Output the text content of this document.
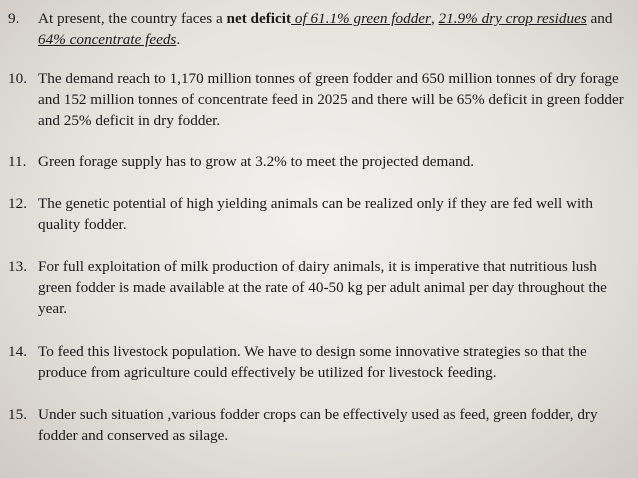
9. At present, the country faces a net deficit of 61.1% green fodder, 21.9% dry crop residues and 64% concentrate feeds.
10. The demand reach to 1,170 million tonnes of green fodder and 650 million tonnes of dry forage and 152 million tonnes of concentrate feed in 2025 and there will be 65% deficit in green fodder and 25% deficit in dry fodder.
11. Green forage supply has to grow at 3.2% to meet the projected demand.
12. The genetic potential of high yielding animals can be realized only if they are fed well with quality fodder.
13. For full exploitation of milk production of dairy animals, it is imperative that nutritious lush green fodder is made available at the rate of 40-50 kg per adult animal per day throughout the year.
14. To feed this livestock population. We have to design some innovative strategies so that the produce from agriculture could effectively be utilized for livestock feeding.
15. Under such situation ,various fodder crops can be effectively used as feed, green fodder, dry fodder and conserved as silage.
